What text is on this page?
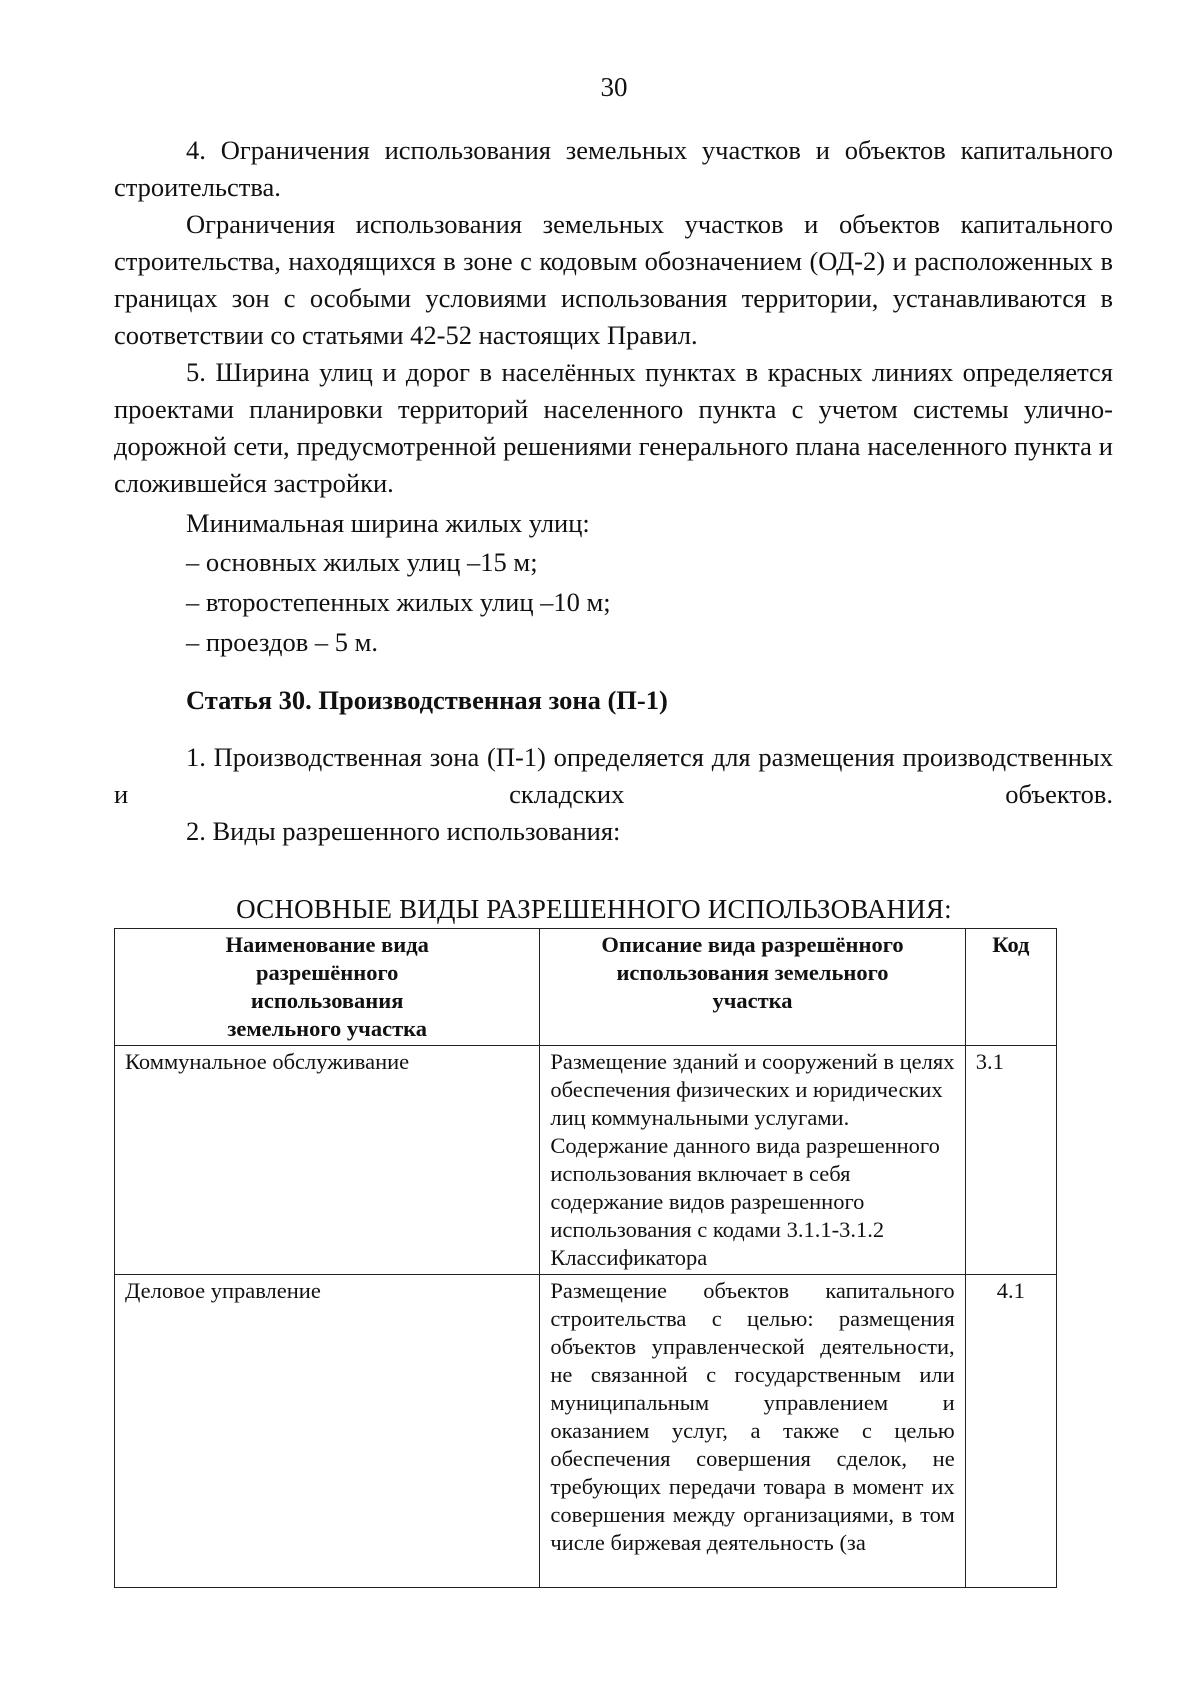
30

4. Ограничения использования земельных участков и объектов капитального строительства.

Ограничения использования земельных участков и объектов капитального строительства, находящихся в зоне с кодовым обозначением (ОД-2) и расположенных в границах зон с особыми условиями использования территории, устанавливаются в соответствии со статьями 42-52 настоящих Правил.

5. Ширина улиц и дорог в населённых пунктах в красных линиях определяется проектами планировки территорий населенного пункта с учетом системы улично-дорожной сети, предусмотренной решениями генерального плана населенного пункта и сложившейся застройки.

Минимальная ширина жилых улиц:

– основных жилых улиц –15 м;

– второстепенных жилых улиц –10 м;

– проездов – 5 м.

Статья 30. Производственная зона (П-1)

1. Производственная зона (П-1) определяется для размещения производственных и складских объектов.

2. Виды разрешенного использования:

ОСНОВНЫЕ ВИДЫ РАЗРЕШЕННОГО ИСПОЛЬЗОВАНИЯ:
Наименование вида разрешённого использования земельного участка	Описание вида разрешённого использования земельного участка	Код
Коммунальное обслуживание	Размещение зданий и сооружений в целях обеспечения физических и юридических лиц коммунальными услугами. Содержание данного вида разрешенного использования включает в себя содержание видов разрешенного использования с кодами 3.1.1-3.1.2 Классификатора	3.1
Деловое управление	Размещение объектов капитального строительства с целью: размещения объектов управленческой деятельности, не связанной с государственным или муниципальным управлением и оказанием услуг, а также с целью обеспечения совершения сделок, не требующих передачи товара в момент их совершения между организациями, в том числе биржевая деятельность (за	4.1
